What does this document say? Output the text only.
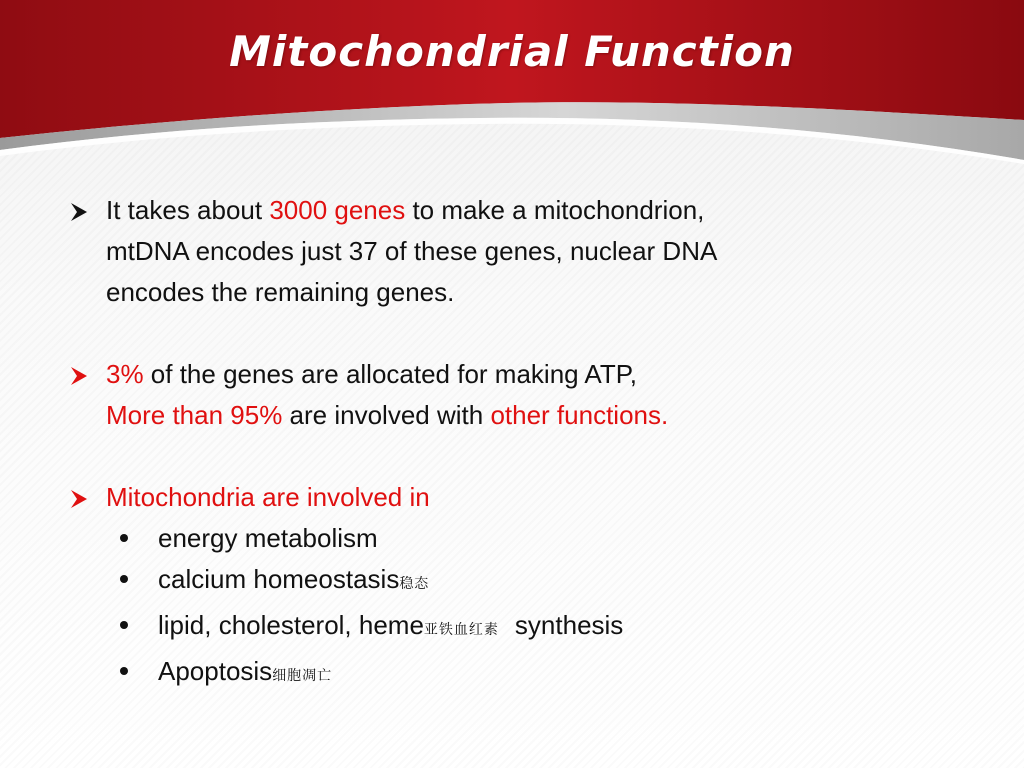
Mitochondrial Function
It takes about 3000 genes to make a mitochondrion,
mtDNA encodes just 37 of these genes, nuclear DNA
encodes the remaining genes.
3% of the genes are allocated for making ATP,
More than 95% are involved with other functions.
Mitochondria are involved in
energy metabolism
calcium homeostasis稳态
lipid, cholesterol, heme亚铁血红素 synthesis
Apoptosis细胞凋亡
